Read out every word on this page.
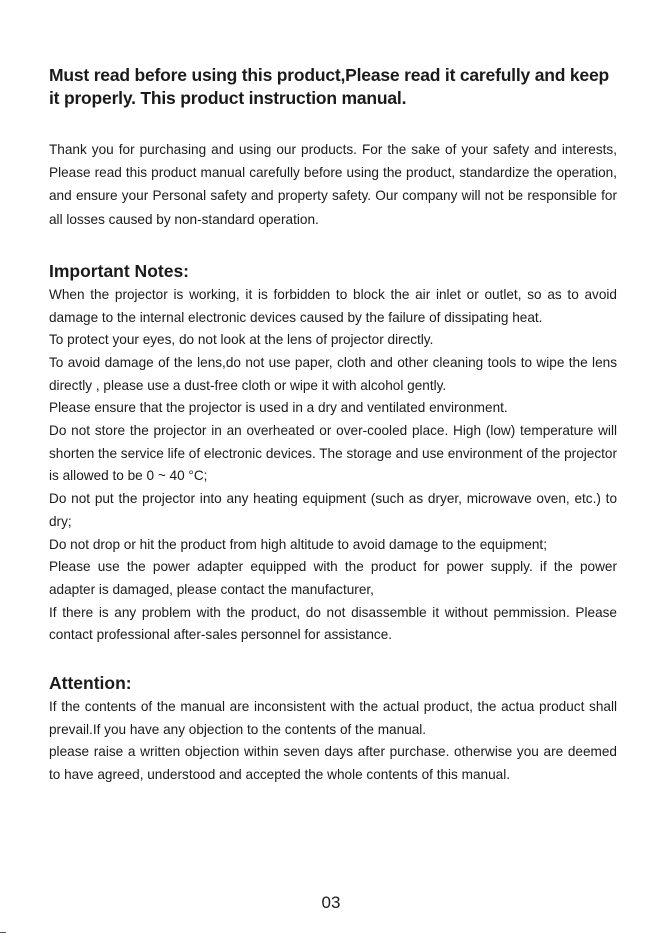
Must read before using this product,Please read it carefully and keep it properly. This product instruction manual.

Thank you for purchasing and using our products. For the sake of your safety and interests, Please read this product manual carefully before using the product, standardize the operation, and ensure your Personal safety and property safety. Our company will not be responsible for all losses caused by non-standard operation.

Important Notes:

When the projector is working, it is forbidden to block the air inlet or outlet, so as to avoid damage to the internal electronic devices caused by the failure of dissipating heat.

To protect your eyes, do not look at the lens of projector directly.

To avoid damage of the lens,do not use paper, cloth and other cleaning tools to wipe the lens directly , please use a dust-free cloth or wipe it with alcohol gently.

Please ensure that the projector is used in a dry and ventilated environment.

Do not store the projector in an overheated or over-cooled place. High (low) temperature will shorten the service life of electronic devices. The storage and use environment of the projector is allowed to be 0 ~ 40 °C;

Do not put the projector into any heating equipment (such as dryer, microwave oven, etc.) to dry;

Do not drop or hit the product from high altitude to avoid damage to the equipment;

Please use the power adapter equipped with the product for power supply. if the power adapter is damaged, please contact the manufacturer,

If there is any problem with the product, do not disassemble it without pemmission. Please contact professional after-sales personnel for assistance.

Attention:

If the contents of the manual are inconsistent with the actual product, the actua product shall prevail.If you have any objection to the contents of the manual.

please raise a written objection within seven days after purchase. otherwise you are deemed to have agreed, understood and accepted the whole contents of this manual.

03
